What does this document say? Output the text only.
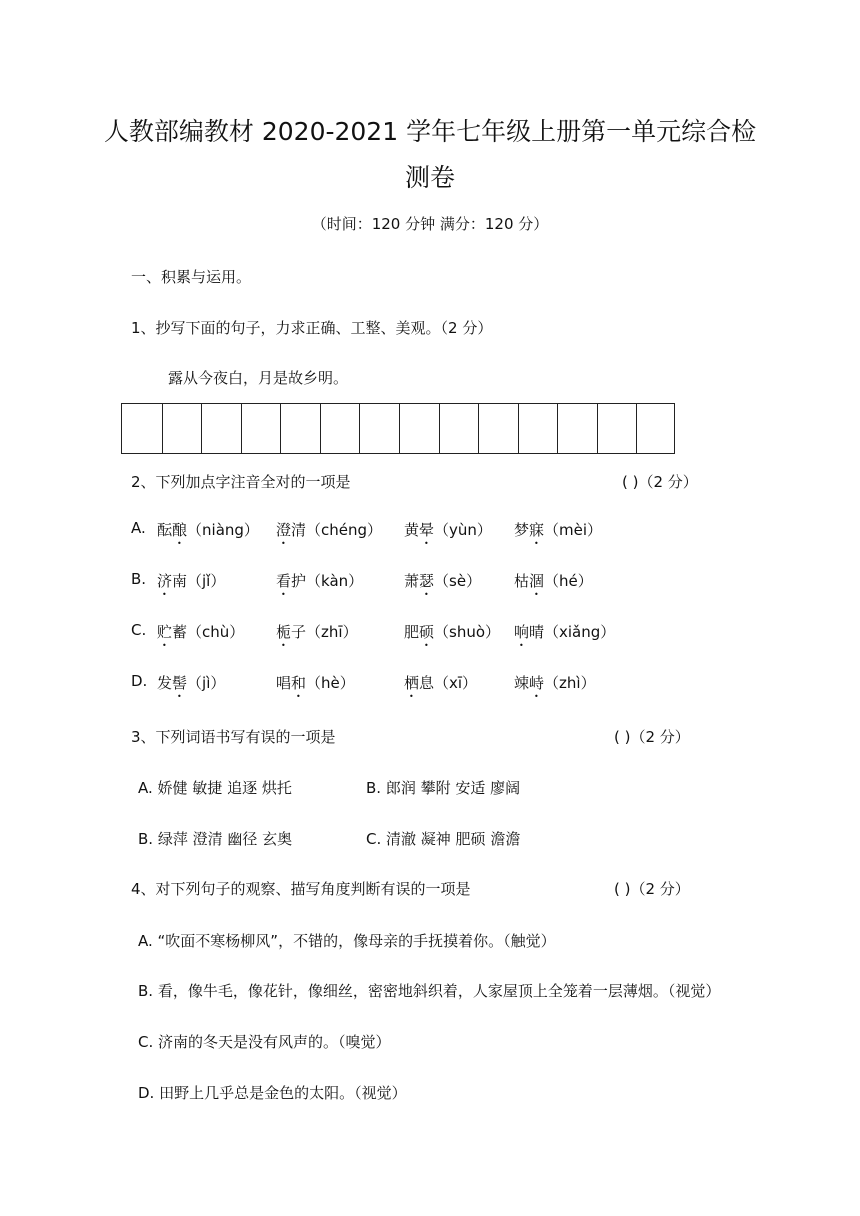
人教部编教材 2020-2021 学年七年级上册第一单元综合检
测卷
（时间：120 分钟 满分：120 分）
一、积累与运用。
1、抄写下面的句子，力求正确、工整、美观。（2 分）
露从今夜白，月是故乡明。
2、下列加点字注音全对的一项是	( )（2 分）
A. 酝酿（niàng） 澄清（chéng） 黄晕（yùn） 梦寐（mèi）
B. 济南（jǐ）	看护（kàn）	萧瑟（sè） 枯涸（hé）
C. 贮蓄（chù） 栀子（zhī）	肥硕（shuò） 响晴（xiǎng）
D. 发髻（jì）	唱和（hè）	栖息（xī） 竦峙（zhì）
3、下列词语书写有误的一项是	( )（2 分）
A. 娇健 敏捷 追逐 烘托	B. 郎润 攀附 安适 廖阔
B. 绿萍 澄清 幽径 玄奥	C. 清澈 凝神 肥硕 澹澹
4、对下列句子的观察、描写角度判断有误的一项是	( )（2 分）
A. “吹面不寒杨柳风”，不错的，像母亲的手抚摸着你。（触觉）
B. 看，像牛毛，像花针，像细丝，密密地斜织着，人家屋顶上全笼着一层薄烟。（视觉）
C. 济南的冬天是没有风声的。（嗅觉）
D. 田野上几乎总是金色的太阳。（视觉）
